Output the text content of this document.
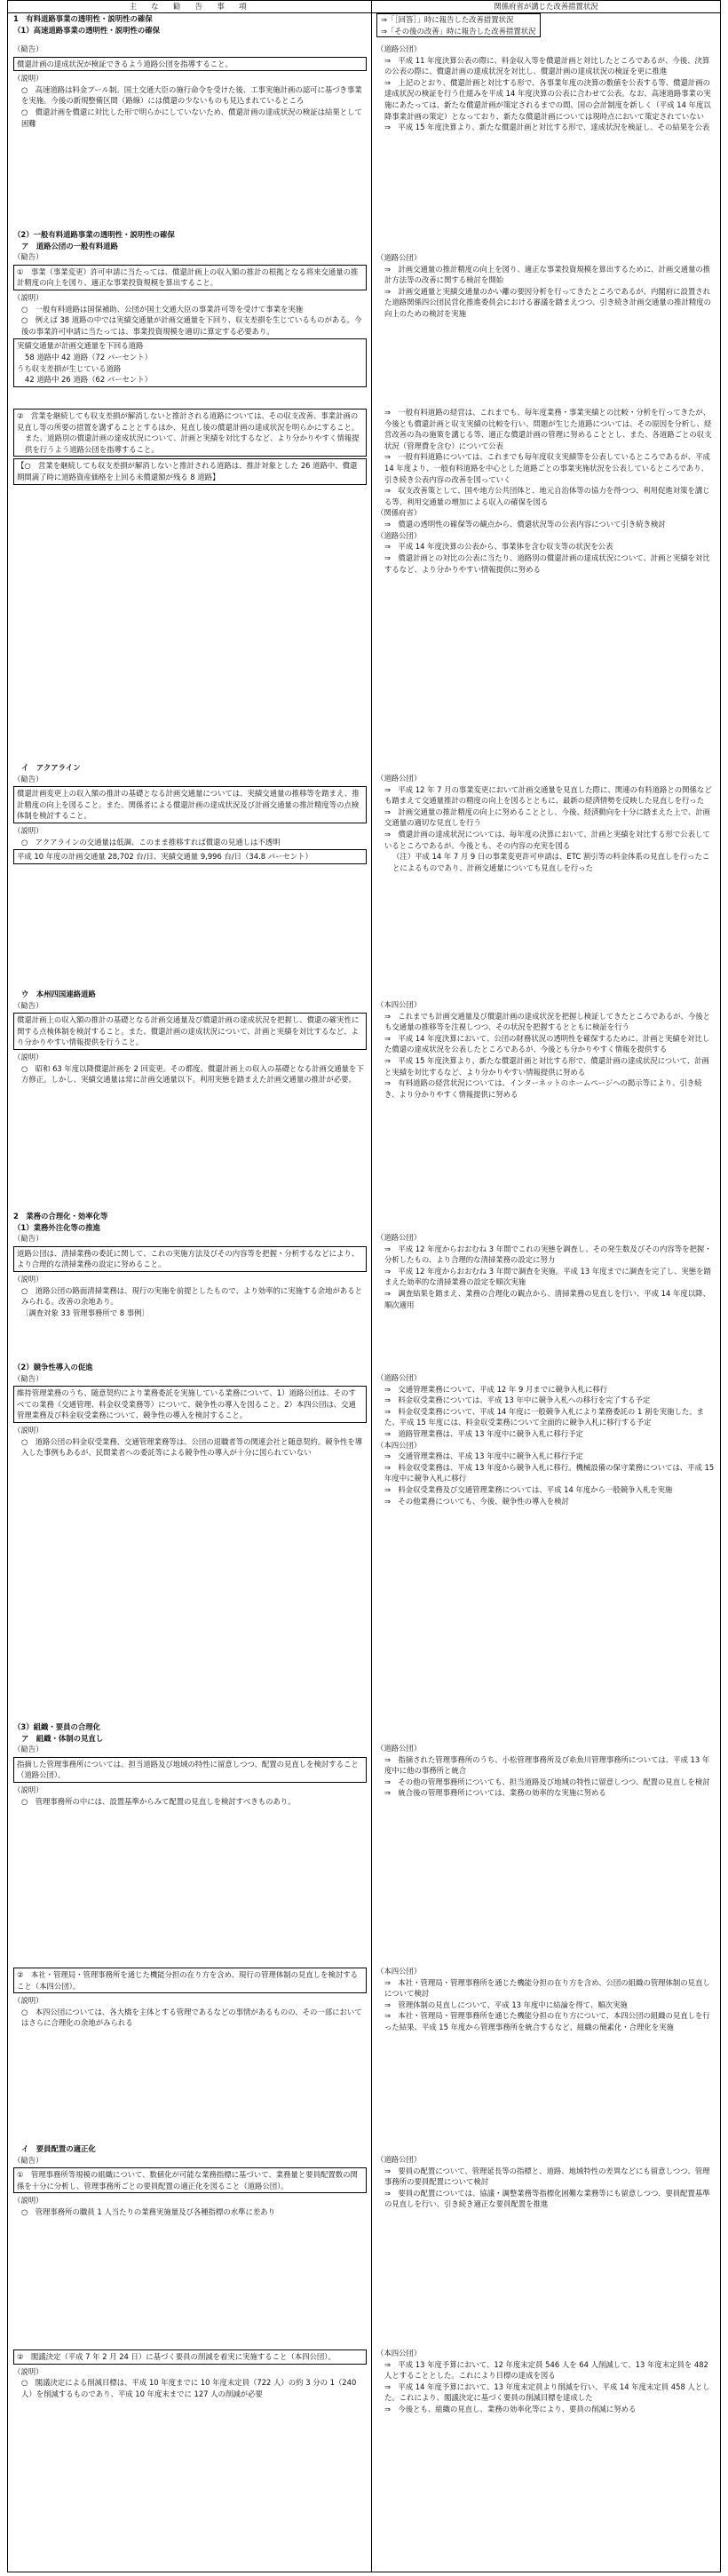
主　な　勧　告　事　項	関係府省が講じた改善措置状況

1　有料道路事業の透明性・説明性の確保

（1）高速道路事業の透明性・説明性の確保

⇒「［回答］」時に報告した改善措置状況

⇒「その後の改善」時に報告した改善措置状況

（勧告）

償還計画の達成状況が検証できるよう道路公団を指導すること。

（説明）

○　高速道路は料金プール制。国土交通大臣の施行命令を受けた後、工事実施計画の認可に基づき事業を実施。今後の新規整備区間（路線）には償還の少ないものも見込まれているところ

○　償還計画を償還に対比した形で明らかにしていないため、償還計画の達成状況の検証は結果として困難

（道路公団）

⇒　平成 11 年度決算公表の際に、料金収入等を償還計画と対比したところであるが、今後、決算の公表の際に、償還計画の達成状況を対比し、償還計画の達成状況の検証を更に推進

⇒　上記のとおり、償還計画と対比する形で、各事業年度の決算の数値を公表する等、償還計画の達成状況の検証を行う仕組みを平成 14 年度決算の公表に合わせて公表。なお、高速道路事業の実施にあたっては、新たな償還計画が策定されるまでの間、国の会計制度を新しく（平成 14 年度以降事業計画の策定）となっており、新たな償還計画については現時点において策定されていない

⇒　平成 15 年度決算より、新たな償還計画と対比する形で、達成状況を検証し、その結果を公表

（2）一般有料道路事業の透明性・説明性の確保

ア　道路公団の一般有料道路

（勧告）

①　事業（事業変更）許可申請に当たっては、償還計画上の収入額の推計の根拠となる将来交通量の推計精度の向上を図り、適正な事業投資規模を算出すること。

（説明）

○　一般有料道路は国保補助、公団が国土交通大臣の事業許可等を受けて事業を実施

○　例えば 38 道路の中では実績交通量が計画交通量を下回り、収支差損を生じているものがある。今後の事業許可申請に当たっては、事業投資規模を適切に算定する必要あり。

実績交通量が計画交通量を下回る道路

58 道路中 42 道路（72 パーセント）

うち収支差損が生じている道路

42 道路中 26 道路（62 パーセント）

（道路公団）

⇒　計画交通量の推計精度の向上を図り、適正な事業投資規模を算出するために、計画交通量の推計方法等の改善に関する検討を開始

⇒　計画交通量と実績交通量のかい離の要因分析を行ってきたところであるが、内閣府に設置された道路関係四公団民営化推進委員会における審議を踏まえつつ、引き続き計画交通量の推計精度の向上のための検討を実施

②　営業を継続しても収支差損が解消しないと推計される道路については、その収支改善、事業計画の見直し等の所要の措置を講ずることとするほか、見直し後の償還計画の達成状況を明らかにすること。

また、道路別の償還計画の達成状況について、計画と実績を対比するなど、より分かりやすく情報提供を行うよう道路公団を指導すること。

【○　営業を継続しても収支差損が解消しないと推計される道路は、推計対象とした 26 道路中、償還期間満了時に道路資産価格を上回る未償還額が残る 8 道路】

⇒　一般有料道路の経営は、これまでも、毎年度業務・事業実績との比較・分析を行ってきたが、今後とも償還計画と収支実績の比較を行い、問題が生じた道路については、その原因を分析し、経営改善の為の施策を講じる等、適正な償還計画の管理に努めることとし、また、各道路ごとの収支状況（管理費を含む）について公表

⇒　一般有料道路については、これまでも毎年度収支実績等を公表しているところであるが、平成 14 年度より、一般有料道路を中心とした道路ごとの事業実施状況を公表しているところであり、引き続き公表内容の改善を図っていく

⇒　収支改善策として、国や地方公共団体と、地元自治体等の協力を得つつ、利用促進対策を講じる等、利用交通量の増加による収入の確保を図る

（関係府省）

⇒　償還の透明性の確保等の観点から、償還状況等の公表内容について引き続き検討

（道路公団）

⇒　平成 14 年度決算の公表から、事業体を含む収支等の状況を公表

⇒　償還計画との対比の公表に当たり、道路別の償還計画の達成状況について、計画と実績を対比するなど、より分かりやすい情報提供に努める

イ　アクアライン

（勧告）

償還計画変更上の収入額の推計の基礎となる計画交通量については、実績交通量の推移等を踏まえ、推計精度の向上を図ること。また、関係者による償還計画の達成状況及び計画交通量の推計精度等の点検体制を検討すること。

（説明）

○　アクアラインの交通量は低調、このまま推移すれば償還の見通しは不透明

平成 10 年度の計画交通量 28,702 台/日、実績交通量 9,996 台/日（34.8 パーセント）

（道路公団）

⇒　平成 12 年 7 月の事業変更において計画交通量を見直した際に、関連の有料道路との関係なども踏まえて交通量推計の精度の向上を図るとともに、最新の経済情勢を反映した見直しを行った

⇒　計画交通量の推計精度の向上に努めることとし、今後、経済動向を十分に踏まえた上で、計画交通量の適切な見直しを行う

⇒　償還計画の達成状況については、毎年度の決算において、計画と実績を対比する形で公表しているところであるが、今後とも、その内容の充実を図る

（注）平成 14 年 7 月 9 日の事業変更許可申請は、ETC 割引等の料金体系の見直しを行ったことによるものであり、計画交通量についても見直しを行った

ウ　本州四国連絡道路

（勧告）

償還計画上の収入額の推計の基礎となる計画交通量及び償還計画の達成状況を把握し、償還の確実性に関する点検体制を検討すること。また、償還計画の達成状況について、計画と実績を対比するなど、より分かりやすい情報提供を行うこと。

（説明）

○　昭和 63 年度以降償還計画を 2 回変更。その都度、償還計画上の収入の基礎となる計画交通量を下方修正。しかし、実績交通量は常に計画交通量以下。利用実態を踏まえた計画交通量の推計が必要。

（本四公団）

⇒　これまでも計画交通量及び償還計画の達成状況を把握し検証してきたところであるが、今後とも交通量の推移等を注視しつつ、その状況を把握するとともに検証を行う

⇒　平成 14 年度決算において、公団の財務状況の透明性を確保するために、計画と実績を対比した償還の達成状況を公表したところであるが、今後とも分かりやすく情報を提供する

⇒　平成 15 年度決算より、新たな償還計画と対比する形で、償還計画の達成状況について、計画と実績を対比するなど、より分かりやすい情報提供に努める

⇒　有料道路の経営状況については、インターネットのホームページへの掲示等により、引き続き、より分かりやすく情報提供に努める

2　業務の合理化・効率化等

（1）業務外注化等の推進

（勧告）

道路公団は、清掃業務の委託に関して、これの実施方法及びその内容等を把握・分析するなどにより、より合理的な清掃業務の設定に努めること。

（説明）

○　道路公団の路面清掃業務は、現行の実施を前提としたもので、より効率的に実施する余地があるとみられる。改善の余地あり。

〔調査対象 33 管理事務所で 8 事例〕

（道路公団）

⇒　平成 12 年度からおおむね 3 年間でこれの実態を調査し、その発生数及びその内容等を把握・分析したもの、より合理的な清掃業務の設定に努力

⇒　平成 12 年度からおおむね 3 年間で調査を実施。平成 13 年度までに調査を完了し、実態を踏まえた効率的な清掃業務の設定を順次実施

⇒　調査結果を踏まえ、業務の合理化の観点から、清掃業務の見直しを行い、平成 14 年度以降、順次適用

（2）競争性導入の促進

（勧告）

維持管理業務のうち、随意契約により業務委託を実施している業務について、1）道路公団は、そのすべての業務（交通管理、料金収受業務等）について、競争性の導入を図ること。2）本四公団は、交通管理業務及び料金収受業務について、競争性の導入を検討すること。

（説明）

○　道路公団の料金収受業務、交通管理業務等は、公団の退職者等の関連会社と随意契約。競争性を導入した事例もあるが、民間業者への委託等による競争性の導入が十分に図られていない

（道路公団）

⇒　交通管理業務について、平成 12 年 9 月までに競争入札に移行

⇒　料金収受業務については、平成 13 年中に競争入札への移行を完了する予定

⇒　料金収受業務について、平成 14 年度に一般競争入札により業務委託の 1 割を実施した。また、平成 15 年度には、料金収受業務について全面的に競争入札に移行する予定

⇒　道路管理業務は、平成 13 年度中に競争入札に移行予定

（本四公団）

⇒　交通管理業務は、平成 13 年度中に競争入札に移行予定

⇒　料金収受業務は、平成 13 年度から競争入札に移行。機械設備の保守業務については、平成 15 年度中に競争入札に移行

⇒　料金収受業務及び交通管理業務については、平成 14 年度から一般競争入札を実施

⇒　その他業務についても、今後、競争性の導入を検討

（3）組織・要員の合理化

ア　組織・体制の見直し

（勧告）

指摘した管理事務所については、担当道路及び地域の特性に留意しつつ、配置の見直しを検討すること（道路公団）。

（説明）

○　管理事務所の中には、設置基準からみて配置の見直しを検討すべきものあり。

（道路公団）

⇒　指摘された管理事務所のうち、小松管理事務所及び糸魚川管理事務所については、平成 13 年度中に他の事務所と統合

⇒　その他の管理事務所についても、担当道路及び地域の特性に留意しつつ、配置の見直しを検討

⇒　統合後の管理事務所については、業務の効率的な実施に努める

②　本社・管理局・管理事務所を通じた機能分担の在り方を含め、現行の管理体制の見直しを検討すること（本四公団）。

（説明）

○　本四公団については、各大橋を主体とする管理であるなどの事情があるものの、その一部においてはさらに合理化の余地がみられる

（本四公団）

⇒　本社・管理局・管理事務所を通じた機能分担の在り方を含め、公団の組織の管理体制の見直しについて検討

⇒　管理体制の見直しについて、平成 13 年度中に結論を得て、順次実施

⇒　本社・管理局・管理事務所を通じた機能分担の在り方について、本四公団の組織の見直しを行った結果、平成 15 年度から管理事務所を統合するなど、組織の簡素化・合理化を実施

イ　要員配置の適正化

（勧告）

①　管理事務所等規模の組織について、数値化が可能な業務指標に基づいて、業務量と要員配置数の関係を十分に分析し、管理事務所ごとの要員配置の適正化を図ること（道路公団）。

（説明）

○　管理事務所の職員 1 人当たりの業務実施量及び各種指標の水準に差あり

（道路公団）

⇒　要員の配置について、管理延長等の指標と、道路、地域特性の差異などにも留意しつつ、管理事務所の要員配置について検討

⇒　要員の配置については、協議・調整業務等指標化困難な業務等にも留意しつつ、要員配置基準の見直しを行い、引き続き適正な要員配置を推進

②　閣議決定（平成 7 年 2 月 24 日）に基づく要員の削減を着実に実施すること（本四公団）。

（説明）

○　閣議決定による削減目標は、平成 10 年度までに 10 年度末定員（722 人）の約 3 分の 1（240 人）を削減するものであり、平成 10 年度末までに 127 人の削減が必要

（本四公団）

⇒　平成 13 年度予算において、12 年度末定員 546 人を 64 人削減して、13 年度末定員を 482 人とすることとした。これにより目標の達成を図る

⇒　平成 14 年度予算において、13 年度末定員より削減を行い、平成 14 年度末定員 458 人とした。これにより、閣議決定に基づく要員の削減目標を達成した

⇒　今後とも、組織の見直し、業務の効率化等により、要員の削減に努める
